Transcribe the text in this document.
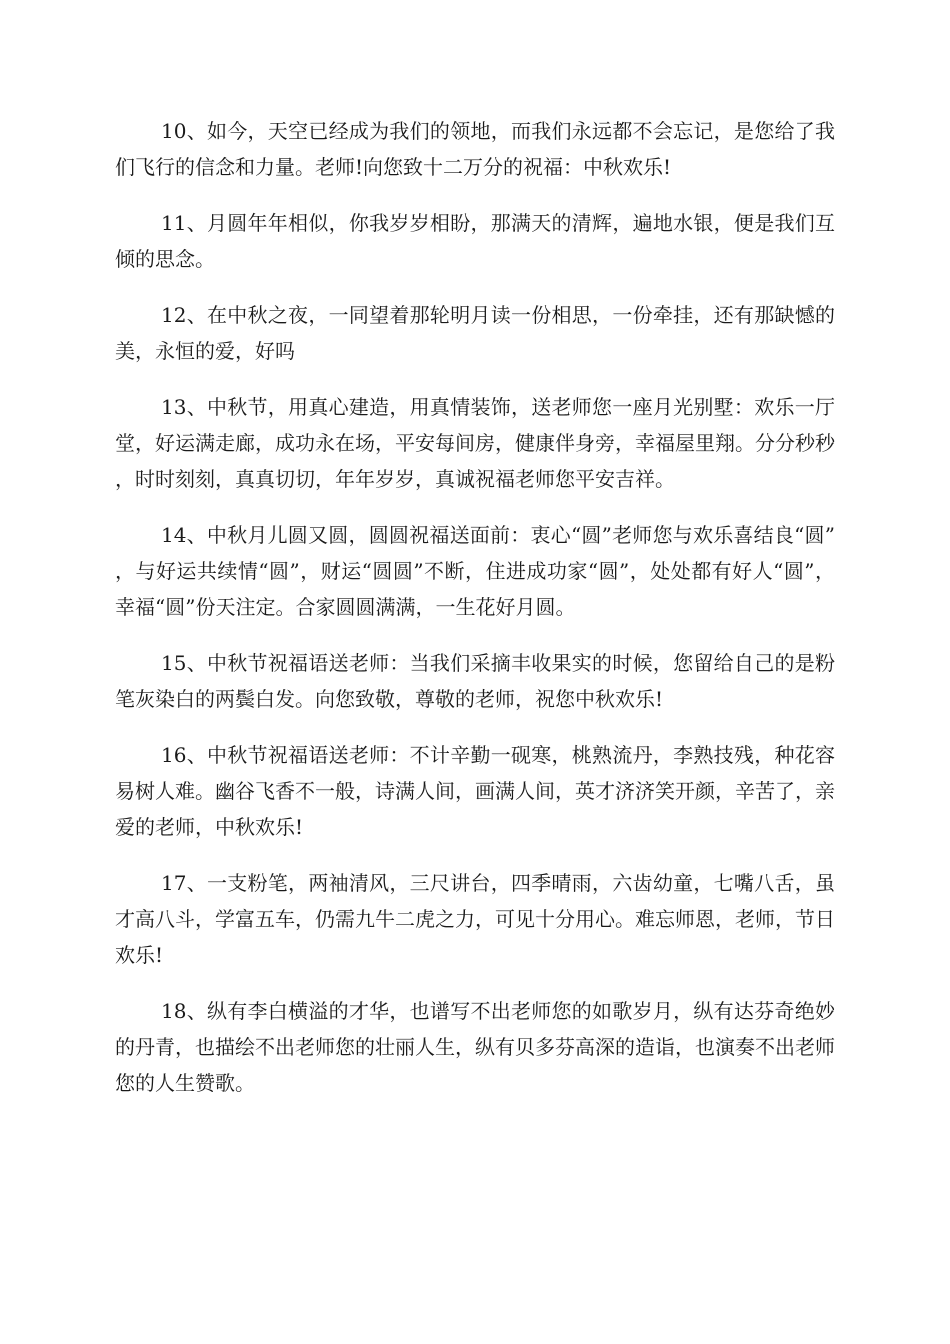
10、如今，天空已经成为我们的领地，而我们永远都不会忘记，是您给了我们飞行的信念和力量。老师!向您致十二万分的祝福：中秋欢乐!

11、月圆年年相似，你我岁岁相盼，那满天的清辉，遍地水银，便是我们互倾的思念。

12、在中秋之夜，一同望着那轮明月读一份相思，一份牵挂，还有那缺憾的美，永恒的爱，好吗

13、中秋节，用真心建造，用真情装饰，送老师您一座月光别墅：欢乐一厅堂，好运满走廊，成功永在场，平安每间房，健康伴身旁，幸福屋里翔。分分秒秒，时时刻刻，真真切切，年年岁岁，真诚祝福老师您平安吉祥。

14、中秋月儿圆又圆，圆圆祝福送面前：衷心“圆”老师您与欢乐喜结良“圆”，与好运共续情“圆”，财运“圆圆”不断，住进成功家“圆”，处处都有好人“圆”，幸福“圆”份天注定。合家圆圆满满，一生花好月圆。

15、中秋节祝福语送老师：当我们采摘丰收果实的时候，您留给自己的是粉笔灰染白的两鬓白发。向您致敬，尊敬的老师，祝您中秋欢乐!

16、中秋节祝福语送老师：不计辛勤一砚寒，桃熟流丹，李熟技残，种花容易树人难。幽谷飞香不一般，诗满人间，画满人间，英才济济笑开颜，辛苦了，亲爱的老师，中秋欢乐!

17、一支粉笔，两袖清风，三尺讲台，四季晴雨，六齿幼童，七嘴八舌，虽才高八斗，学富五车，仍需九牛二虎之力，可见十分用心。难忘师恩，老师，节日欢乐!

18、纵有李白横溢的才华，也谱写不出老师您的如歌岁月，纵有达芬奇绝妙的丹青，也描绘不出老师您的壮丽人生，纵有贝多芬高深的造诣，也演奏不出老师您的人生赞歌。
